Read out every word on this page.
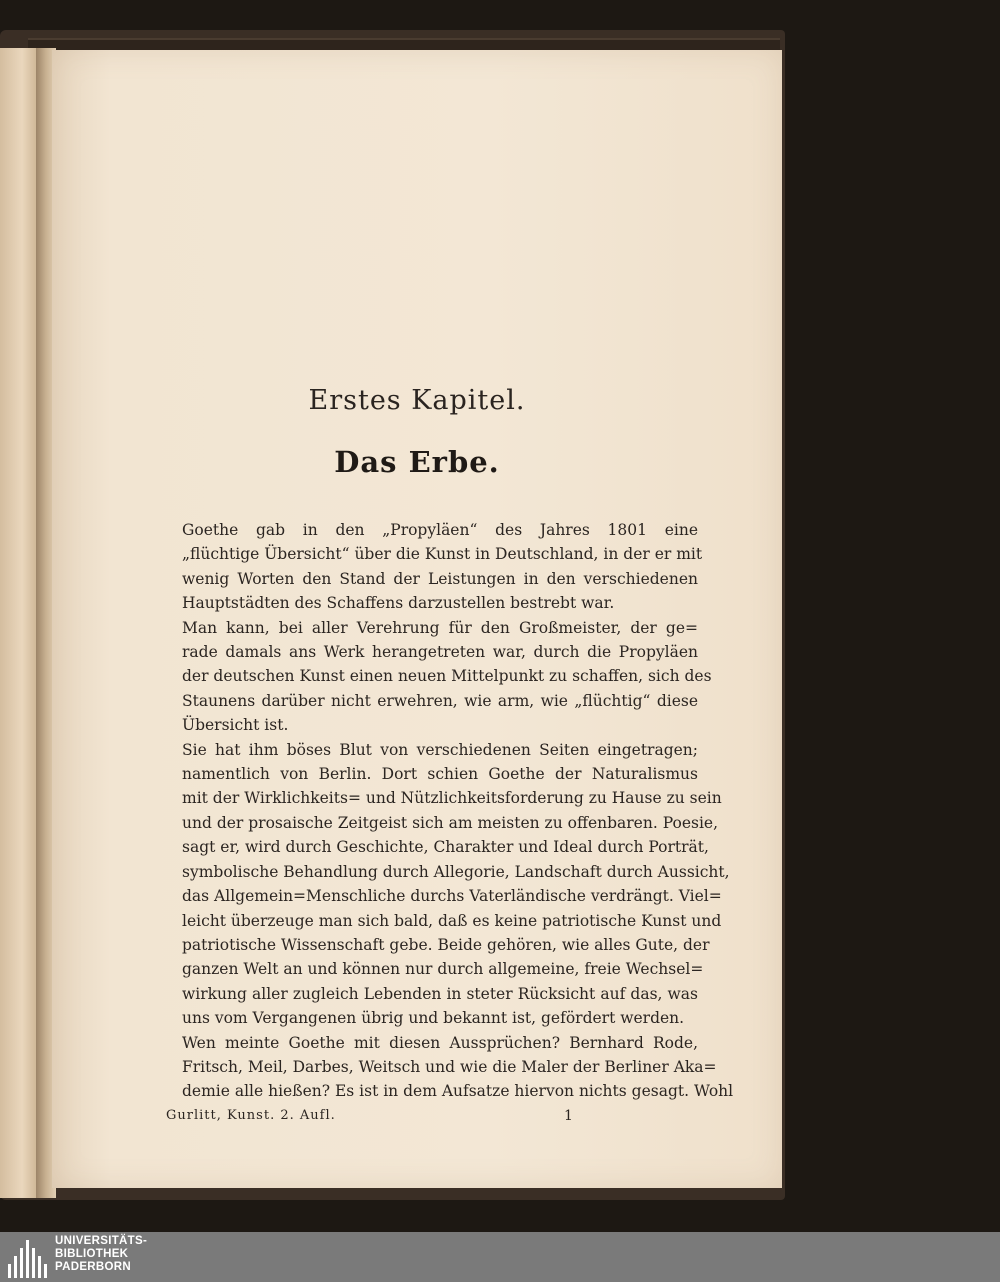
Erstes Kapitel.
Das Erbe.

Goethe gab in den „Propyläen“ des Jahres 1801 eine
„flüchtige Übersicht“ über die Kunst in Deutschland, in der er mit
wenig Worten den Stand der Leistungen in den verschiedenen
Hauptstädten des Schaffens darzustellen bestrebt war.

Man kann, bei aller Verehrung für den Großmeister, der ge=
rade damals ans Werk herangetreten war, durch die Propyläen
der deutschen Kunst einen neuen Mittelpunkt zu schaffen, sich des
Staunens darüber nicht erwehren, wie arm, wie „flüchtig“ diese
Übersicht ist.

Sie hat ihm böses Blut von verschiedenen Seiten eingetragen;
namentlich von Berlin. Dort schien Goethe der Naturalismus
mit der Wirklichkeits= und Nützlichkeitsforderung zu Hause zu sein
und der prosaische Zeitgeist sich am meisten zu offenbaren. Poesie,
sagt er, wird durch Geschichte, Charakter und Ideal durch Porträt,
symbolische Behandlung durch Allegorie, Landschaft durch Aussicht,
das Allgemein=Menschliche durchs Vaterländische verdrängt. Viel=
leicht überzeuge man sich bald, daß es keine patriotische Kunst und
patriotische Wissenschaft gebe. Beide gehören, wie alles Gute, der
ganzen Welt an und können nur durch allgemeine, freie Wechsel=
wirkung aller zugleich Lebenden in steter Rücksicht auf das, was
uns vom Vergangenen übrig und bekannt ist, gefördert werden.

Wen meinte Goethe mit diesen Aussprüchen? Bernhard Rode,
Fritsch, Meil, Darbes, Weitsch und wie die Maler der Berliner Aka=
demie alle hießen? Es ist in dem Aufsatze hiervon nichts gesagt. Wohl

Gurlitt, Kunst. 2. Aufl.	1
UNIVERSITÄTS-
BIBLIOTHEK
PADERBORN
